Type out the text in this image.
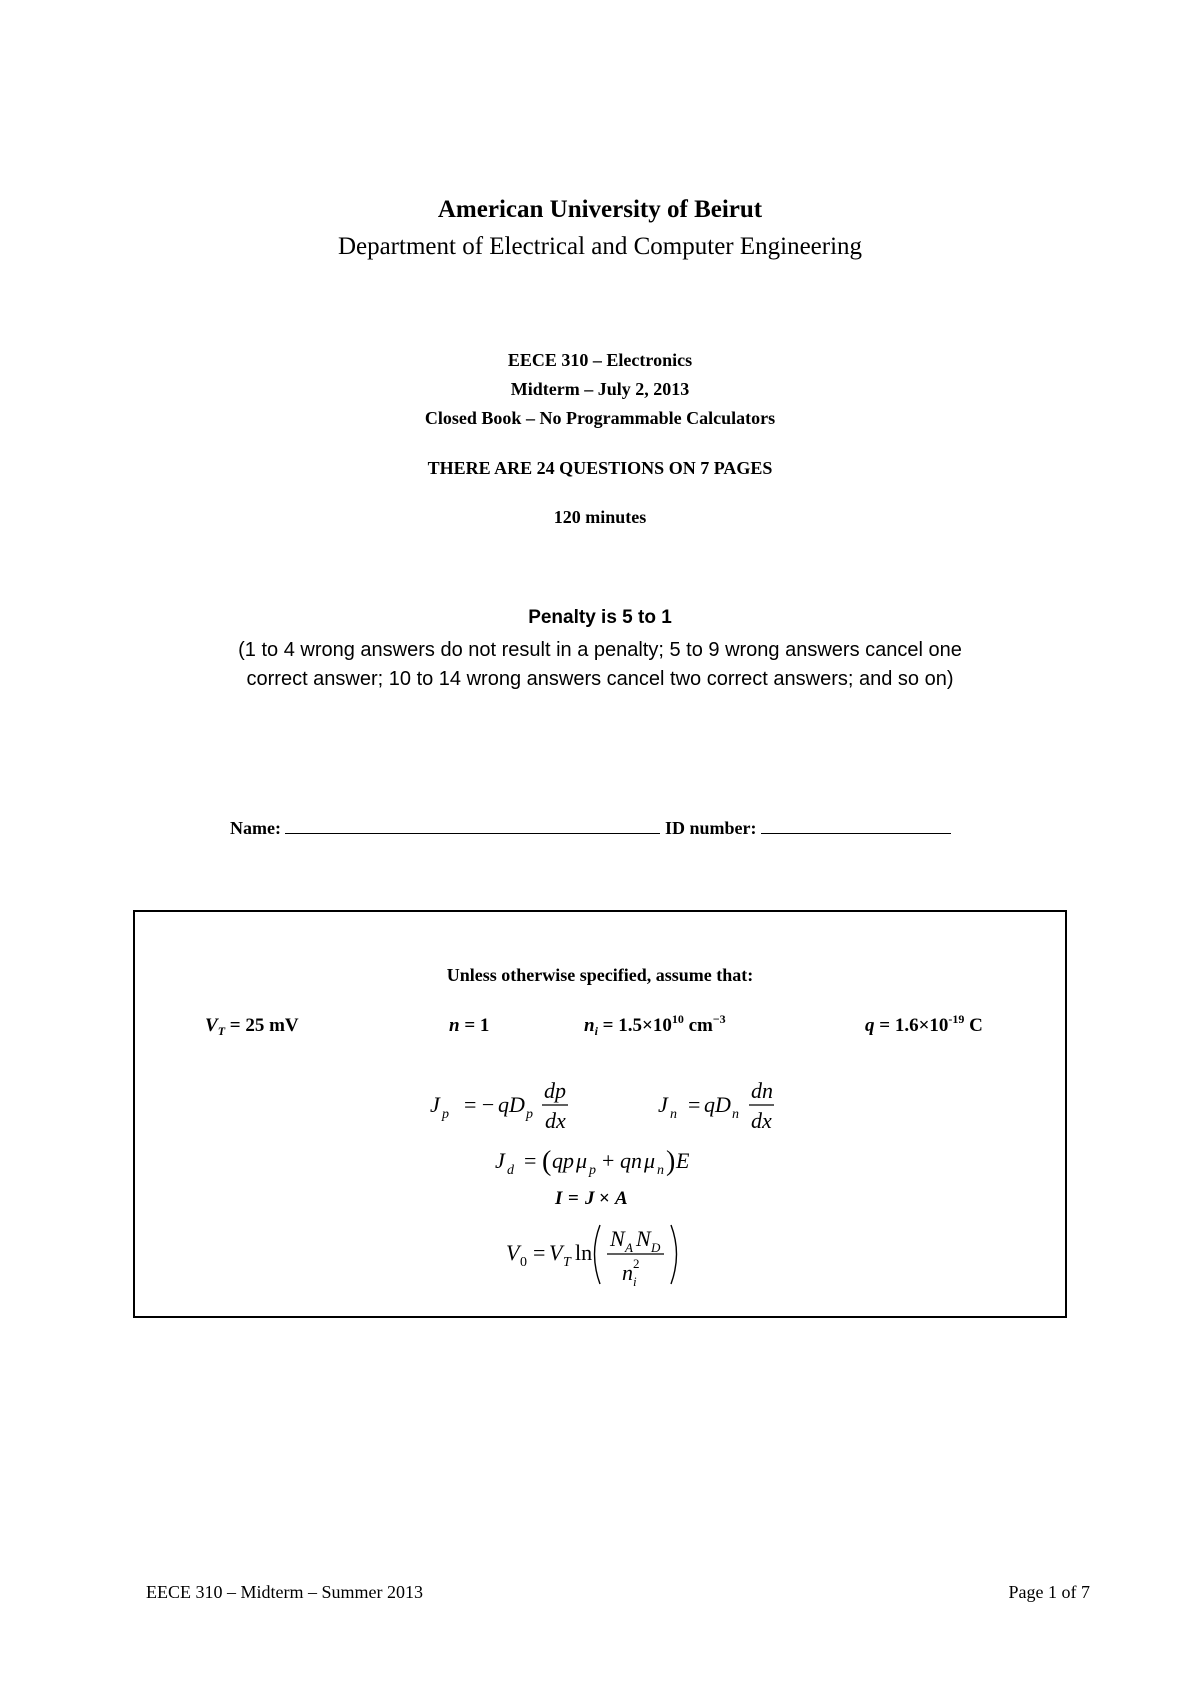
American University of Beirut
Department of Electrical and Computer Engineering
EECE 310 – Electronics
Midterm – July 2, 2013
Closed Book – No Programmable Calculators
THERE ARE 24 QUESTIONS ON 7 PAGES
120 minutes
Penalty is 5 to 1
(1 to 4 wrong answers do not result in a penalty; 5 to 9 wrong answers cancel one
correct answer; 10 to 14 wrong answers cancel two correct answers; and so on)
Name:	ID number:
Unless otherwise specified, assume that:
$V_T = 25$ mV	n = 1	$n_i = 1.5\times 10^{10}$ $cm^{-3}$	$q = 1.6\times 10^{-19}$ C
J p = − qD p
dp
dx
J n = qD n
dn
dx
J d = ( qp μ p + qn μ n ) E
I = J × A
V 0 = V T ln
N A N D
n i
2
EECE 310 – Midterm – Summer 2013	Page 1 of 7
